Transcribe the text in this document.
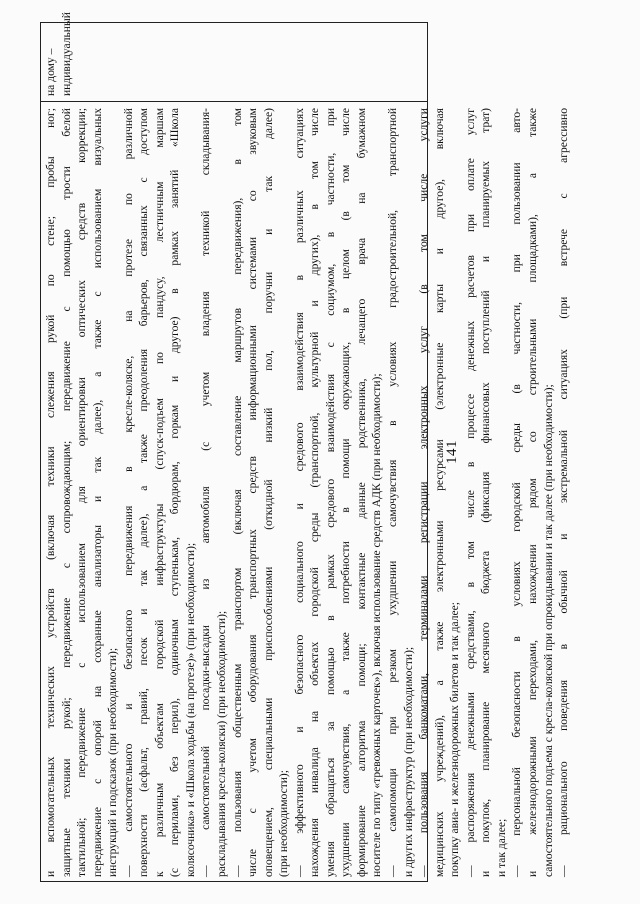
и вспомогательных технических устройств (включая техники слежения рукой по стене; пробы ног; защитные техники рукой; передвижение с сопровождающим; передвижение с помощью трости белой тактильной; передвижение с использованием для ориентировки оптических средств коррекции; передвижение с опорой на сохранные анализаторы и так далее), а также с использованием визуальных инструкций и подсказок (при необходимости); — самостоятельного и безопасного передвижения в кресле-коляске, на протезе по различной поверхности (асфальт, гравий, песок и так далее), а также преодоления барьеров, связанных с доступом к различным объектам городской инфраструктуры (спуск-подъем по пандусу, лестничным маршам (с перилами, без перил), одиночным ступенькам, бордюрам, горкам и другое) в рамках занятий «Школа колясочника» и «Школа ходьбы (на протезе)» (при необходимости); — самостоятельной посадки-высадки из автомобиля (с учетом владения техникой складывания- раскладывания кресла-коляски) (при необходимости); — пользования общественным транспортом (включая составление маршрутов передвижения), в том числе с учетом оборудования транспортных средств информационными системами со звуковым оповещением, специальными приспособлениями (откидной низкий пол, поручни и так далее) (при необходимости); — эффективного и безопасного социального и средового взаимодействия в различных ситуациях нахождения инвалида на объектах городской среды (транспортной, культурной и других), в том числе умения обращаться за помощью в рамках средового взаимодействия с социумом, в частности, при ухудшении самочувствия, а также потребности в помощи окружающих, в целом (в том числе формирование алгоритма помощи; контактные данные родственника, лечащего врача на бумажном носителе по типу «тревожных карточек»), включая использование средств АДК (при необходимости); — самопомощи при резком ухудшении самочувствия в условиях градостроительной, транспортной и других инфраструктур (при необходимости); — пользования банкоматами, терминалами регистрации электронных услуг (в том числе услуги медицинских учреждений), а также электронными ресурсами (электронные карты и другое), включая покупку авиа- и железнодорожных билетов и так далее; — распоряжения денежными средствами, в том числе в процессе денежных расчетов при оплате услуг и покупок, планирование месячного бюджета (фиксация финансовых поступлений и планируемых трат) и так далее; — персональной безопасности в условиях городской среды (в частности, при пользовании авто- и железнодорожными переходами, нахождении рядом со строительными площадками), а также самостоятельного подъема с кресла-коляской при опрокидывании и так далее (при необходимости); — рационального поведения в обычной и экстремальной ситуациях (при встрече с агрессивно
на дому – индивидуальный
141
